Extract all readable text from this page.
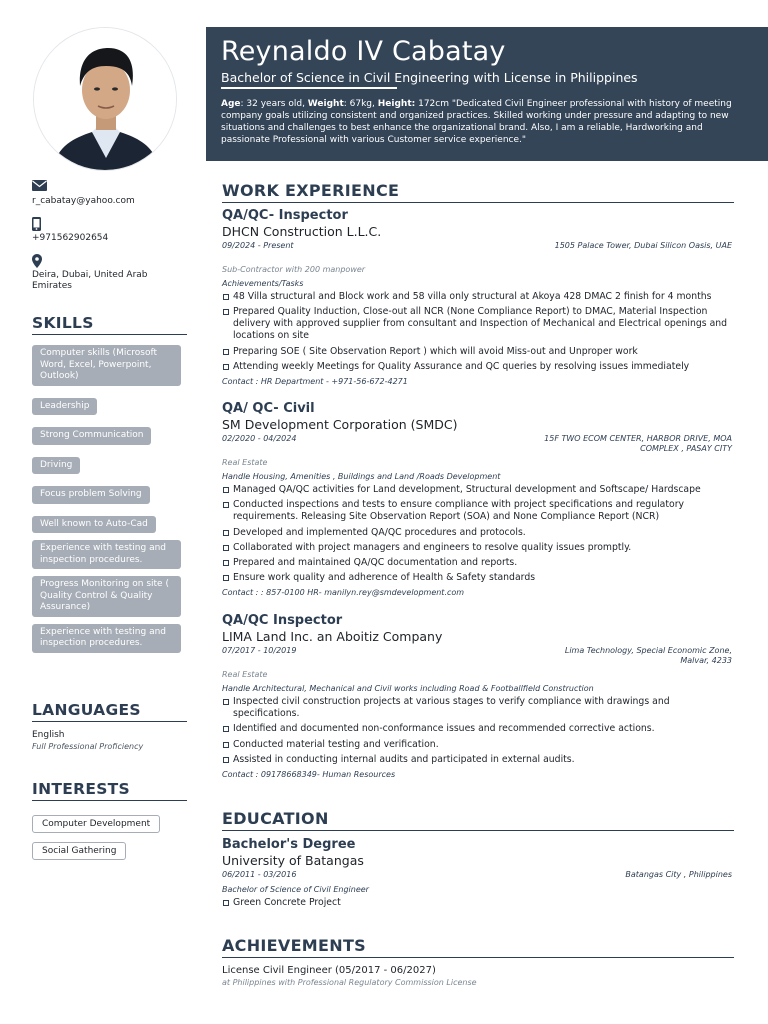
r_cabatay@yahoo.com
+971562902654
Deira, Dubai, United Arab Emirates
SKILLS
Computer skills (Microsoft Word, Excel, Powerpoint, Outlook)
Leadership Strong Communication Driving Focus problem Solving Well known to Auto-Cad
Experience with testing and inspection procedures.
Progress Monitoring on site ( Quality Control & Quality Assurance)
Experience with testing and inspection procedures.
LANGUAGES
English
Full Professional Proficiency
INTERESTS
Computer Development
Social Gathering
Reynaldo IV Cabatay
Bachelor of Science in Civil Engineering with License in Philippines
Age: 32 years old, Weight: 67kg, Height: 172cm "Dedicated Civil Engineer professional with history of meeting company goals utilizing consistent and organized practices. Skilled working under pressure and adapting to new situations and challenges to best enhance the organizational brand. Also, I am a reliable, Hardworking and passionate Professional with various Customer service experience."
WORK EXPERIENCE
QA/QC- Inspector
DHCN Construction L.L.C.
09/2024 - Present	1505 Palace Tower, Dubai Silicon Oasis, UAE
Sub-Contractor with 200 manpower
Achievements/Tasks
48 Villa structural and Block work and 58 villa only structural at Akoya 428 DMAC 2 finish for 4 months
Prepared Quality Induction, Close-out all NCR (None Compliance Report) to DMAC, Material Inspection delivery with approved supplier from consultant and Inspection of Mechanical and Electrical openings and locations on site
Preparing SOE ( Site Observation Report ) which will avoid Miss-out and Unproper work
Attending weekly Meetings for Quality Assurance and QC queries by resolving issues immediately
Contact : HR Department - +971-56-672-4271
QA/ QC- Civil
SM Development Corporation (SMDC)
02/2020 - 04/2024	15F TWO ECOM CENTER, HARBOR DRIVE, MOA COMPLEX , PASAY CITY
Real Estate
Handle Housing, Amenities , Buildings and Land /Roads Development
Managed QA/QC activities for Land development, Structural development and Softscape/ Hardscape
Conducted inspections and tests to ensure compliance with project specifications and regulatory requirements. Releasing Site Observation Report (SOA) and None Compliance Report (NCR)
Developed and implemented QA/QC procedures and protocols.
Collaborated with project managers and engineers to resolve quality issues promptly.
Prepared and maintained QA/QC documentation and reports.
Ensure work quality and adherence of Health & Safety standards
Contact : : 857-0100 HR- manilyn.rey@smdevelopment.com
QA/QC Inspector
LIMA Land Inc. an Aboitiz Company
07/2017 - 10/2019	Lima Technology, Special Economic Zone, Malvar, 4233
Real Estate
Handle Architectural, Mechanical and Civil works including Road & Footballfield Construction
Inspected civil construction projects at various stages to verify compliance with drawings and specifications.
Identified and documented non-conformance issues and recommended corrective actions.
Conducted material testing and verification.
Assisted in conducting internal audits and participated in external audits.
Contact : 09178668349- Human Resources
EDUCATION
Bachelor's Degree
University of Batangas
06/2011 - 03/2016	Batangas City , Philippines
Bachelor of Science of Civil Engineer
Green Concrete Project
ACHIEVEMENTS
License Civil Engineer (05/2017 - 06/2027)
at Philippines with Professional Regulatory Commission License
